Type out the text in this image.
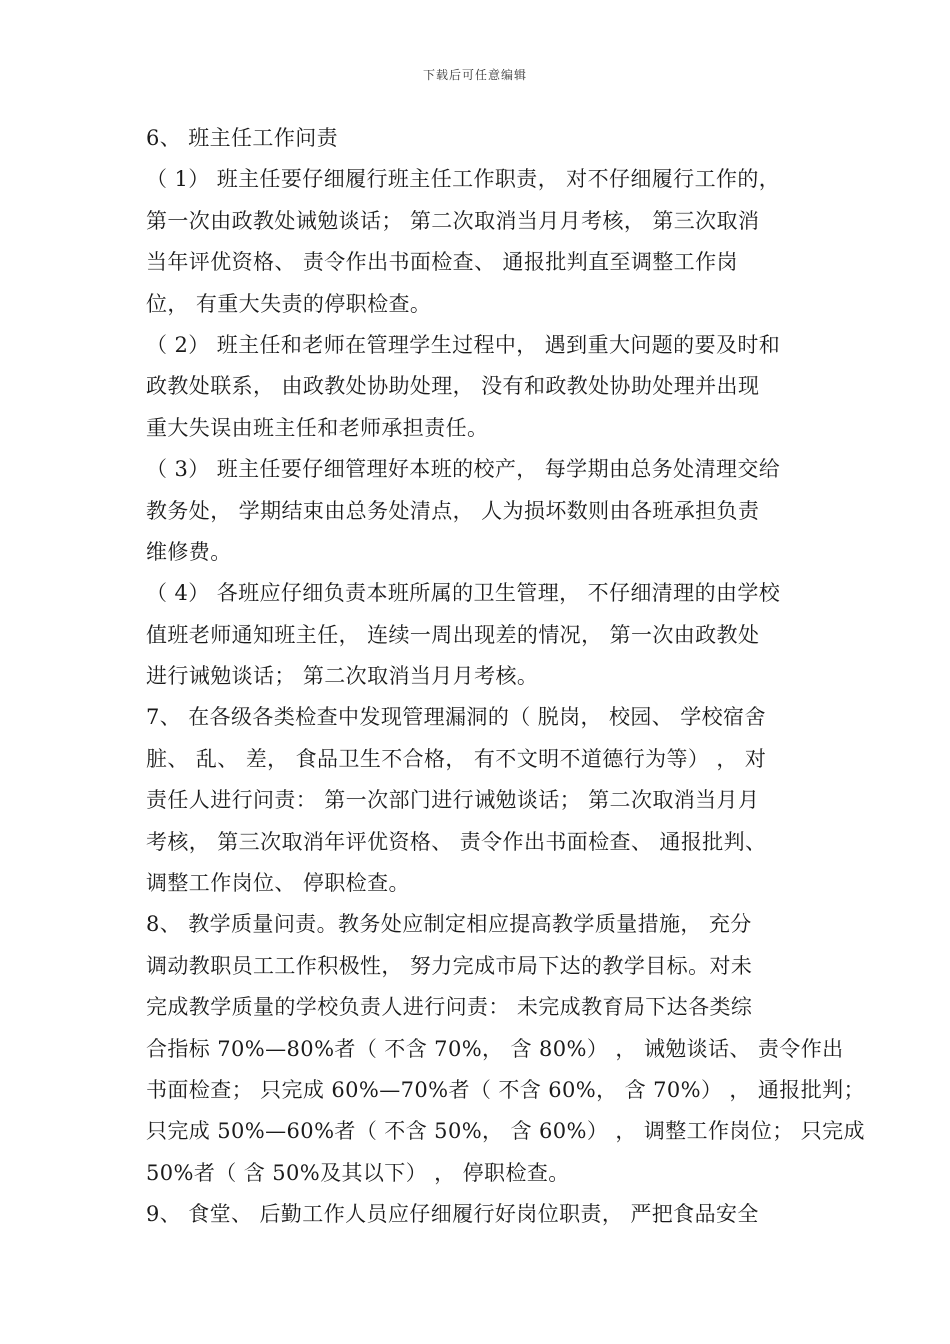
下载后可任意编辑
6、 班主任工作问责
（ 1） 班主任要仔细履行班主任工作职责， 对不仔细履行工作的，
第一次由政教处诫勉谈话； 第二次取消当月月考核， 第三次取消
当年评优资格、 责令作出书面检查、 通报批判直至调整工作岗
位， 有重大失责的停职检查。
（ 2） 班主任和老师在管理学生过程中， 遇到重大问题的要及时和
政教处联系， 由政教处协助处理， 没有和政教处协助处理并出现
重大失误由班主任和老师承担责任。
（ 3） 班主任要仔细管理好本班的校产， 每学期由总务处清理交给
教务处， 学期结束由总务处清点， 人为损坏数则由各班承担负责
维修费。
（ 4） 各班应仔细负责本班所属的卫生管理， 不仔细清理的由学校
值班老师通知班主任， 连续一周出现差的情况， 第一次由政教处
进行诫勉谈话； 第二次取消当月月考核。
7、 在各级各类检查中发现管理漏洞的（ 脱岗， 校园、 学校宿舍
脏、 乱、 差， 食品卫生不合格， 有不文明不道德行为等） ， 对
责任人进行问责： 第一次部门进行诫勉谈话； 第二次取消当月月
考核， 第三次取消年评优资格、 责令作出书面检查、 通报批判、
调整工作岗位、 停职检查。
8、 教学质量问责。教务处应制定相应提高教学质量措施， 充分
调动教职员工工作积极性， 努力完成市局下达的教学目标。对未
完成教学质量的学校负责人进行问责： 未完成教育局下达各类综
合指标 70%—80%者（ 不含 70%， 含 80%） ， 诫勉谈话、 责令作出
书面检查； 只完成 60%—70%者（ 不含 60%， 含 70%） ， 通报批判；
只完成 50%—60%者（ 不含 50%， 含 60%） ， 调整工作岗位； 只完成
50%者（ 含 50%及其以下） ， 停职检查。
9、 食堂、 后勤工作人员应仔细履行好岗位职责， 严把食品安全
